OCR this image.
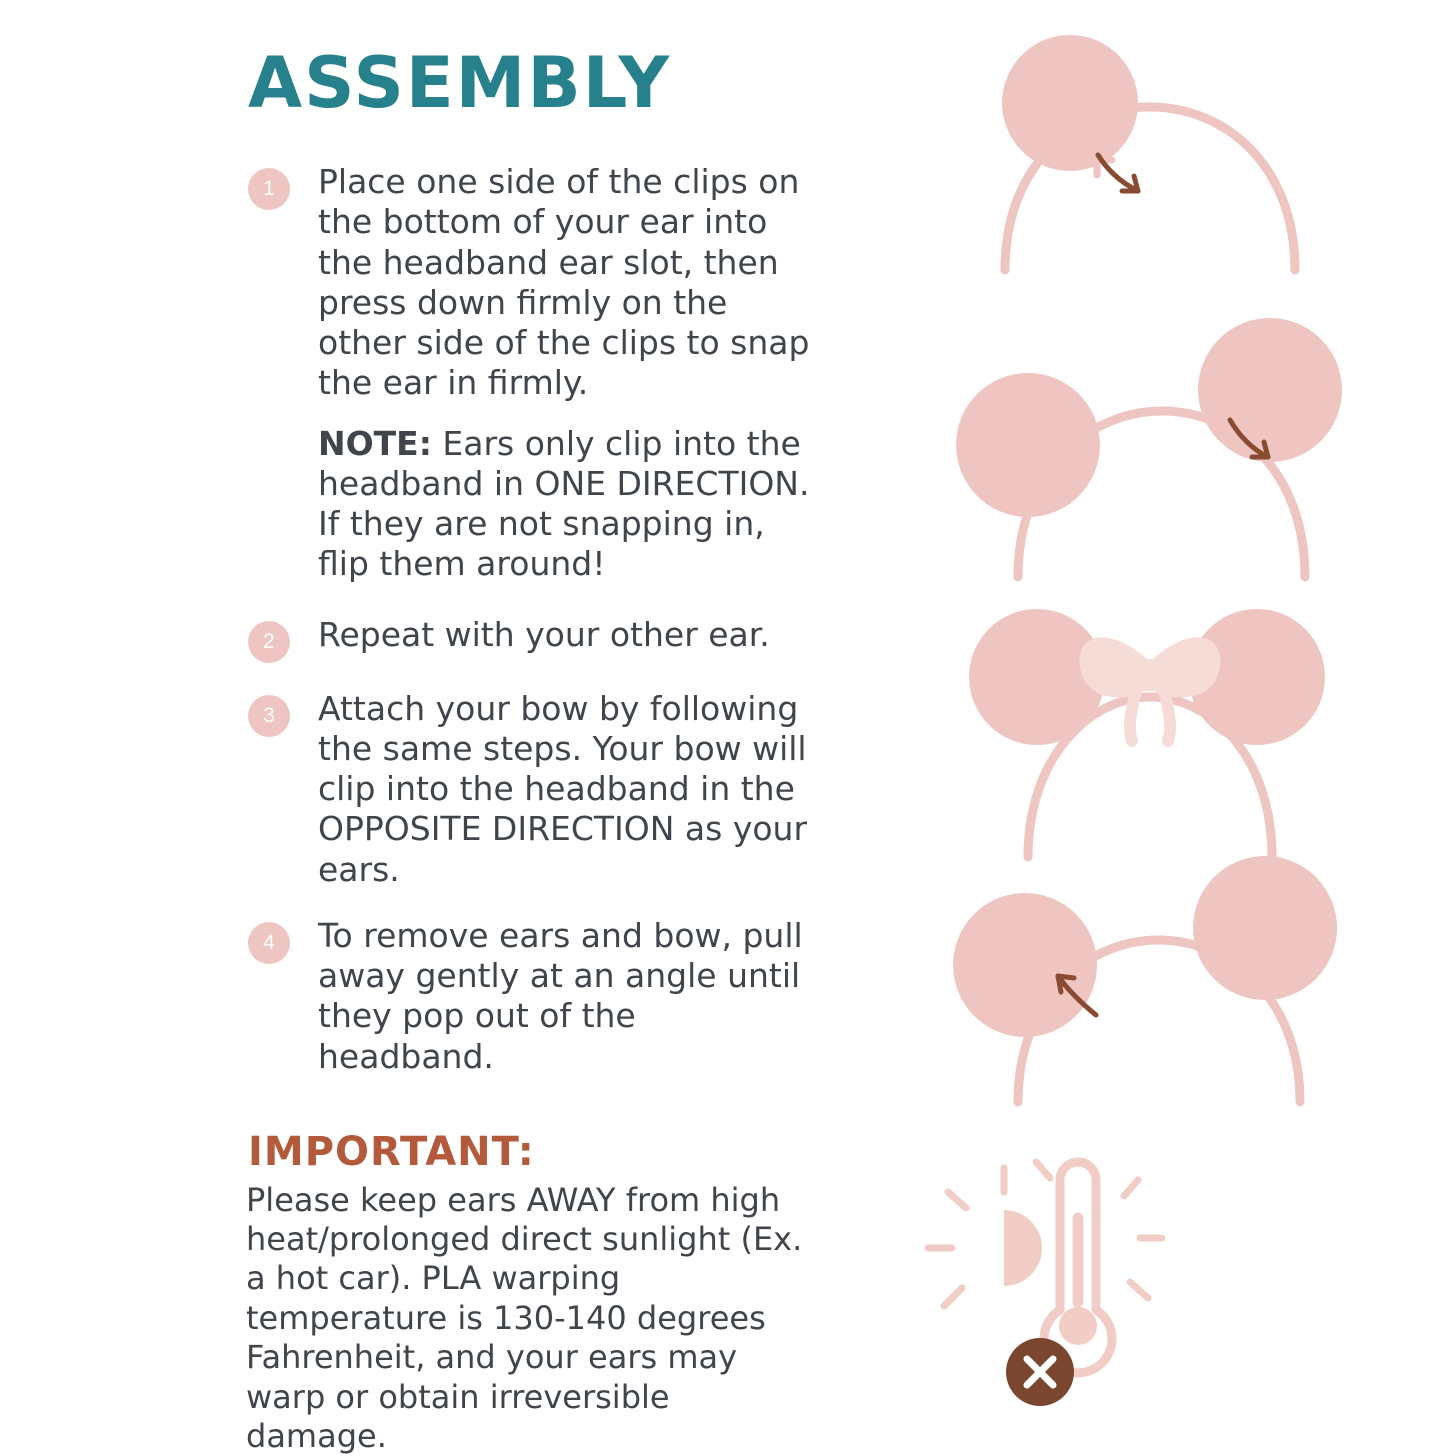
ASSEMBLY
1	Place one side of the clips on the bottom of your ear into the headband ear slot, then press down firmly on the other side of the clips to snap the ear in firmly.
NOTE: Ears only clip into the headband in ONE DIRECTION. If they are not snapping in, flip them around!
2	Repeat with your other ear.
3	Attach your bow by following the same steps. Your bow will clip into the headband in the OPPOSITE DIRECTION as your ears.
4	To remove ears and bow, pull away gently at an angle until they pop out of the headband.
IMPORTANT:
Please keep ears AWAY from high heat/prolonged direct sunlight (Ex. a hot car). PLA warping temperature is 130-140 degrees Fahrenheit, and your ears may warp or obtain irreversible damage.
